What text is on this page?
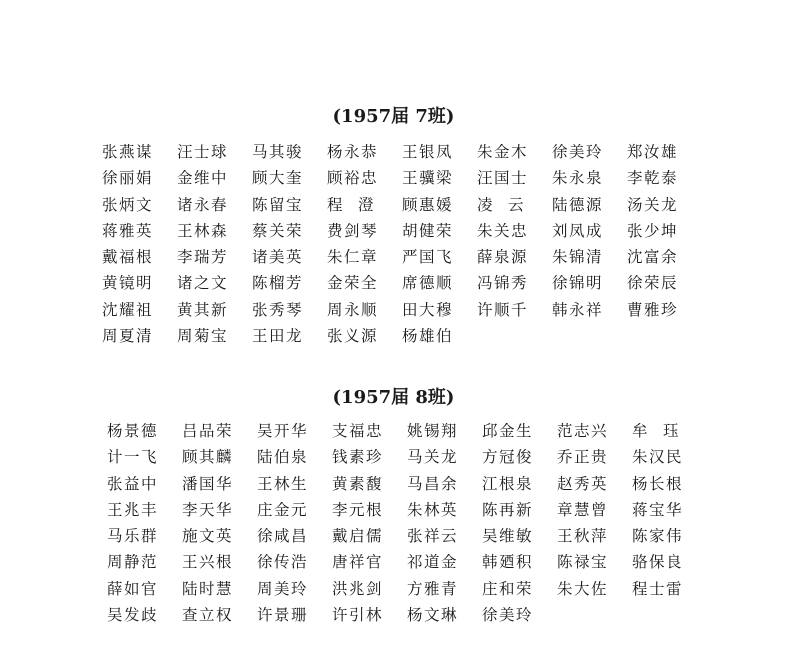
(1957届 7班)
张燕谋	汪士球	马其骏	杨永恭	王银凤	朱金木	徐美玲	郑汝雄
徐丽娟	金维中	顾大奎	顾裕忠	王骥梁	汪国士	朱永泉	李乾泰
张炳文	诸永春	陈留宝	程　澄	顾惠媛	凌　云	陆德源	汤关龙
蒋雅英	王林森	蔡关荣	费剑琴	胡健荣	朱关忠	刘凤成	张少坤
戴福根	李瑞芳	诸美英	朱仁章	严国飞	薛泉源	朱锦清	沈富余
黄镜明	诸之文	陈榴芳	金荣全	席德顺	冯锦秀	徐锦明	徐荣辰
沈耀祖	黄其新	张秀琴	周永顺	田大穆	许顺千	韩永祥	曹雅珍
周夏清	周菊宝	王田龙	张义源	杨雄伯
(1957届 8班)
杨景德	吕品荣	吴开华	支福忠	姚锡翔	邱金生	范志兴	牟　珏
计一飞	顾其麟	陆伯泉	钱素珍	马关龙	方冠俊	乔正贵	朱汉民
张益中	潘国华	王林生	黄素馥	马昌余	江根泉	赵秀英	杨长根
王兆丰	李天华	庄金元	李元根	朱林英	陈再新	章慧曾	蒋宝华
马乐群	施文英	徐咸昌	戴启儒	张祥云	吴维敏	王秋萍	陈家伟
周静范	王兴根	徐传浩	唐祥官	祁道金	韩廼积	陈禄宝	骆保良
薛如官	陆时慧	周美玲	洪兆剑	方雅青	庄和荣	朱大佐	程士雷
吴发歧	查立权	许景珊	许引林	杨文琳	徐美玲
